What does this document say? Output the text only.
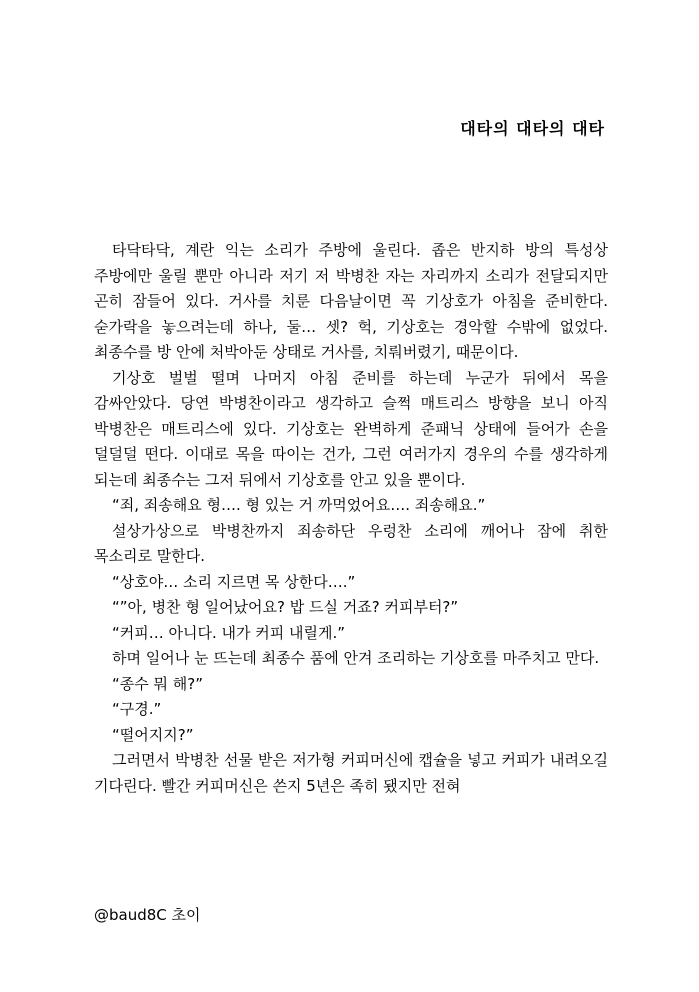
대타의 대타의 대타

타닥타닥, 계란 익는 소리가 주방에 울린다. 좁은 반지하 방의 특성상 주방에만 울릴 뿐만 아니라 저기 저 박병찬 자는 자리까지 소리가 전달되지만 곤히 잠들어 있다. 거사를 치룬 다음날이면 꼭 기상호가 아침을 준비한다. 숟가락을 놓으려는데 하나, 둘… 셋? 헉, 기상호는 경악할 수밖에 없었다. 최종수를 방 안에 처박아둔 상태로 거사를, 치뤄버렸기, 때문이다.

기상호 벌벌 떨며 나머지 아침 준비를 하는데 누군가 뒤에서 목을 감싸안았다. 당연 박병찬이라고 생각하고 슬쩍 매트리스 방향을 보니 아직 박병찬은 매트리스에 있다. 기상호는 완벽하게 준패닉 상태에 들어가 손을 덜덜덜 떤다. 이대로 목을 따이는 건가, 그런 여러가지 경우의 수를 생각하게 되는데 최종수는 그저 뒤에서 기상호를 안고 있을 뿐이다.

“죄, 죄송해요 형…. 형 있는 거 까먹었어요…. 죄송해요.”

설상가상으로 박병찬까지 죄송하단 우렁찬 소리에 깨어나 잠에 취한 목소리로 말한다.

“상호야… 소리 지르면 목 상한다….”

“”아, 병찬 형 일어났어요? 밥 드실 거죠? 커피부터?”

“커피… 아니다. 내가 커피 내릴게.”

하며 일어나 눈 뜨는데 최종수 품에 안겨 조리하는 기상호를 마주치고 만다.

“종수 뭐 해?”

“구경.”

“떨어지지?”

그러면서 박병찬 선물 받은 저가형 커피머신에 캡슐을 넣고 커피가 내려오길 기다린다. 빨간 커피머신은 쓴지 5년은 족히 됐지만 전혀

@baud8C 초이
